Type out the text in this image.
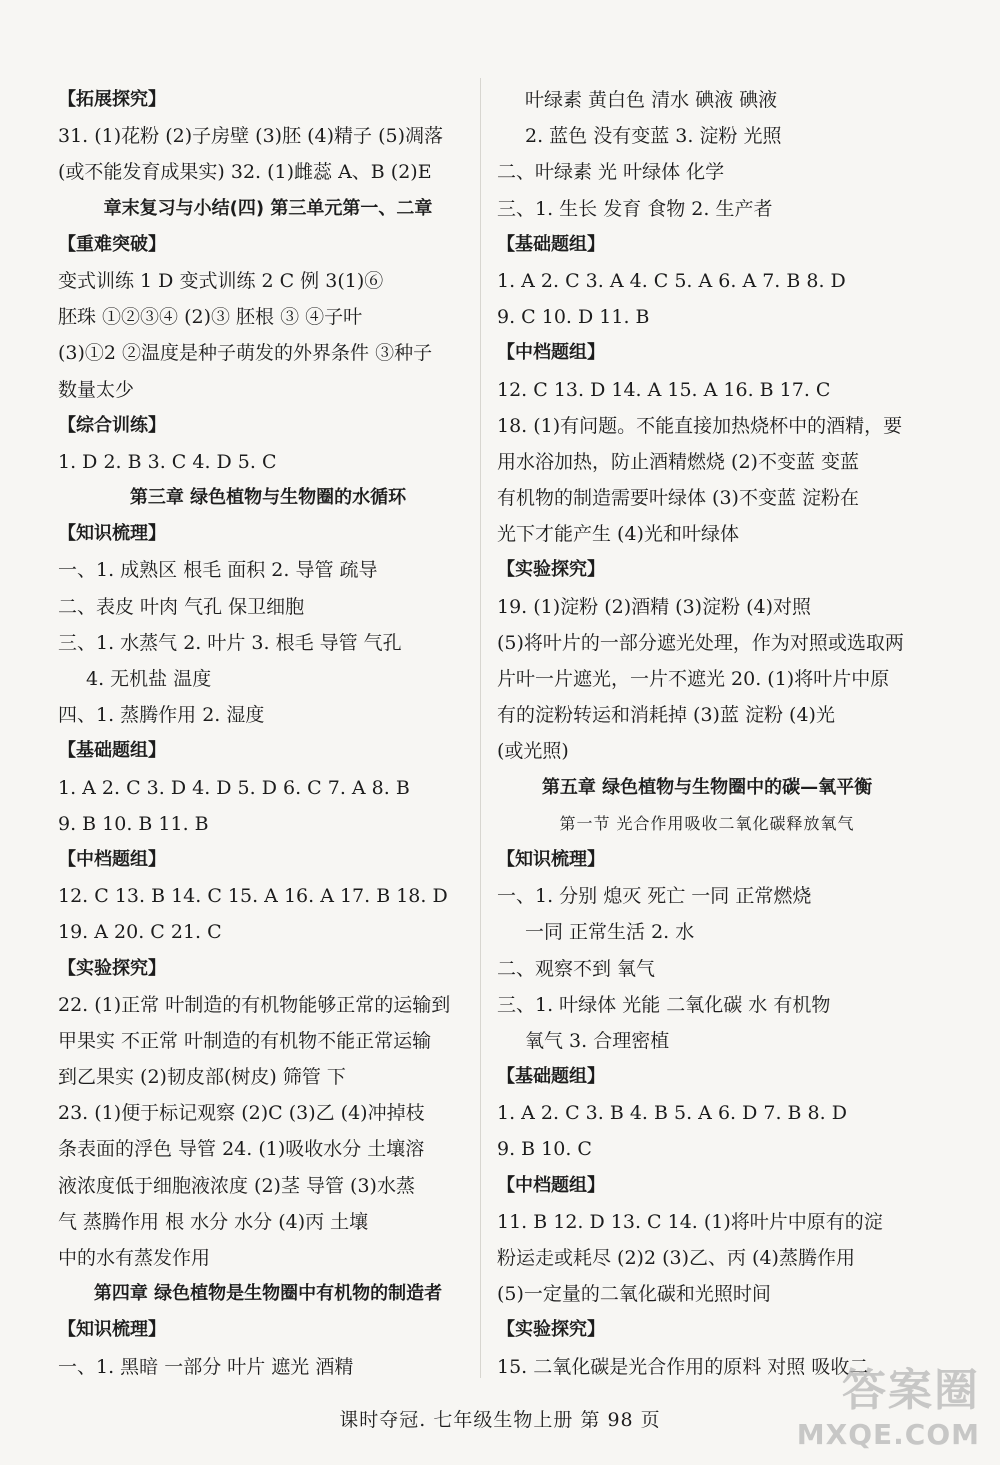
【拓展探究】
31. (1)花粉 (2)子房壁 (3)胚 (4)精子 (5)凋落
(或不能发育成果实) 32. (1)雌蕊 A、B (2)E
章末复习与小结(四) 第三单元第一、二章
【重难突破】
变式训练 1 D 变式训练 2 C 例 3(1)⑥
胚珠 ①②③④ (2)③ 胚根 ③ ④子叶
(3)①2 ②温度是种子萌发的外界条件 ③种子
数量太少
【综合训练】
1. D 2. B 3. C 4. D 5. C
第三章 绿色植物与生物圈的水循环
【知识梳理】
一、1. 成熟区 根毛 面积 2. 导管 疏导
二、表皮 叶肉 气孔 保卫细胞
三、1. 水蒸气 2. 叶片 3. 根毛 导管 气孔
4. 无机盐 温度
四、1. 蒸腾作用 2. 湿度
【基础题组】
1. A 2. C 3. D 4. D 5. D 6. C 7. A 8. B
9. B 10. B 11. B
【中档题组】
12. C 13. B 14. C 15. A 16. A 17. B 18. D
19. A 20. C 21. C
【实验探究】
22. (1)正常 叶制造的有机物能够正常的运输到
甲果实 不正常 叶制造的有机物不能正常运输
到乙果实 (2)韧皮部(树皮) 筛管 下
23. (1)便于标记观察 (2)C (3)乙 (4)冲掉枝
条表面的浮色 导管 24. (1)吸收水分 土壤溶
液浓度低于细胞液浓度 (2)茎 导管 (3)水蒸
气 蒸腾作用 根 水分 水分 (4)丙 土壤
中的水有蒸发作用
第四章 绿色植物是生物圈中有机物的制造者
【知识梳理】
一、1. 黑暗 一部分 叶片 遮光 酒精
叶绿素 黄白色 清水 碘液 碘液
2. 蓝色 没有变蓝 3. 淀粉 光照
二、叶绿素 光 叶绿体 化学
三、1. 生长 发育 食物 2. 生产者
【基础题组】
1. A 2. C 3. A 4. C 5. A 6. A 7. B 8. D
9. C 10. D 11. B
【中档题组】
12. C 13. D 14. A 15. A 16. B 17. C
18. (1)有问题。不能直接加热烧杯中的酒精，要
用水浴加热，防止酒精燃烧 (2)不变蓝 变蓝
有机物的制造需要叶绿体 (3)不变蓝 淀粉在
光下才能产生 (4)光和叶绿体
【实验探究】
19. (1)淀粉 (2)酒精 (3)淀粉 (4)对照
(5)将叶片的一部分遮光处理，作为对照或选取两
片叶一片遮光，一片不遮光 20. (1)将叶片中原
有的淀粉转运和消耗掉 (3)蓝 淀粉 (4)光
(或光照)
第五章 绿色植物与生物圈中的碳—氧平衡
第一节 光合作用吸收二氧化碳释放氧气
【知识梳理】
一、1. 分别 熄灭 死亡 一同 正常燃烧
一同 正常生活 2. 水
二、观察不到 氧气
三、1. 叶绿体 光能 二氧化碳 水 有机物
氧气 3. 合理密植
【基础题组】
1. A 2. C 3. B 4. B 5. A 6. D 7. B 8. D
9. B 10. C
【中档题组】
11. B 12. D 13. C 14. (1)将叶片中原有的淀
粉运走或耗尽 (2)2 (3)乙、丙 (4)蒸腾作用
(5)一定量的二氧化碳和光照时间
【实验探究】
15. 二氧化碳是光合作用的原料 对照 吸收二
课时夺冠. 七年级生物上册 第 98 页
答案圈
MXQE.COM
